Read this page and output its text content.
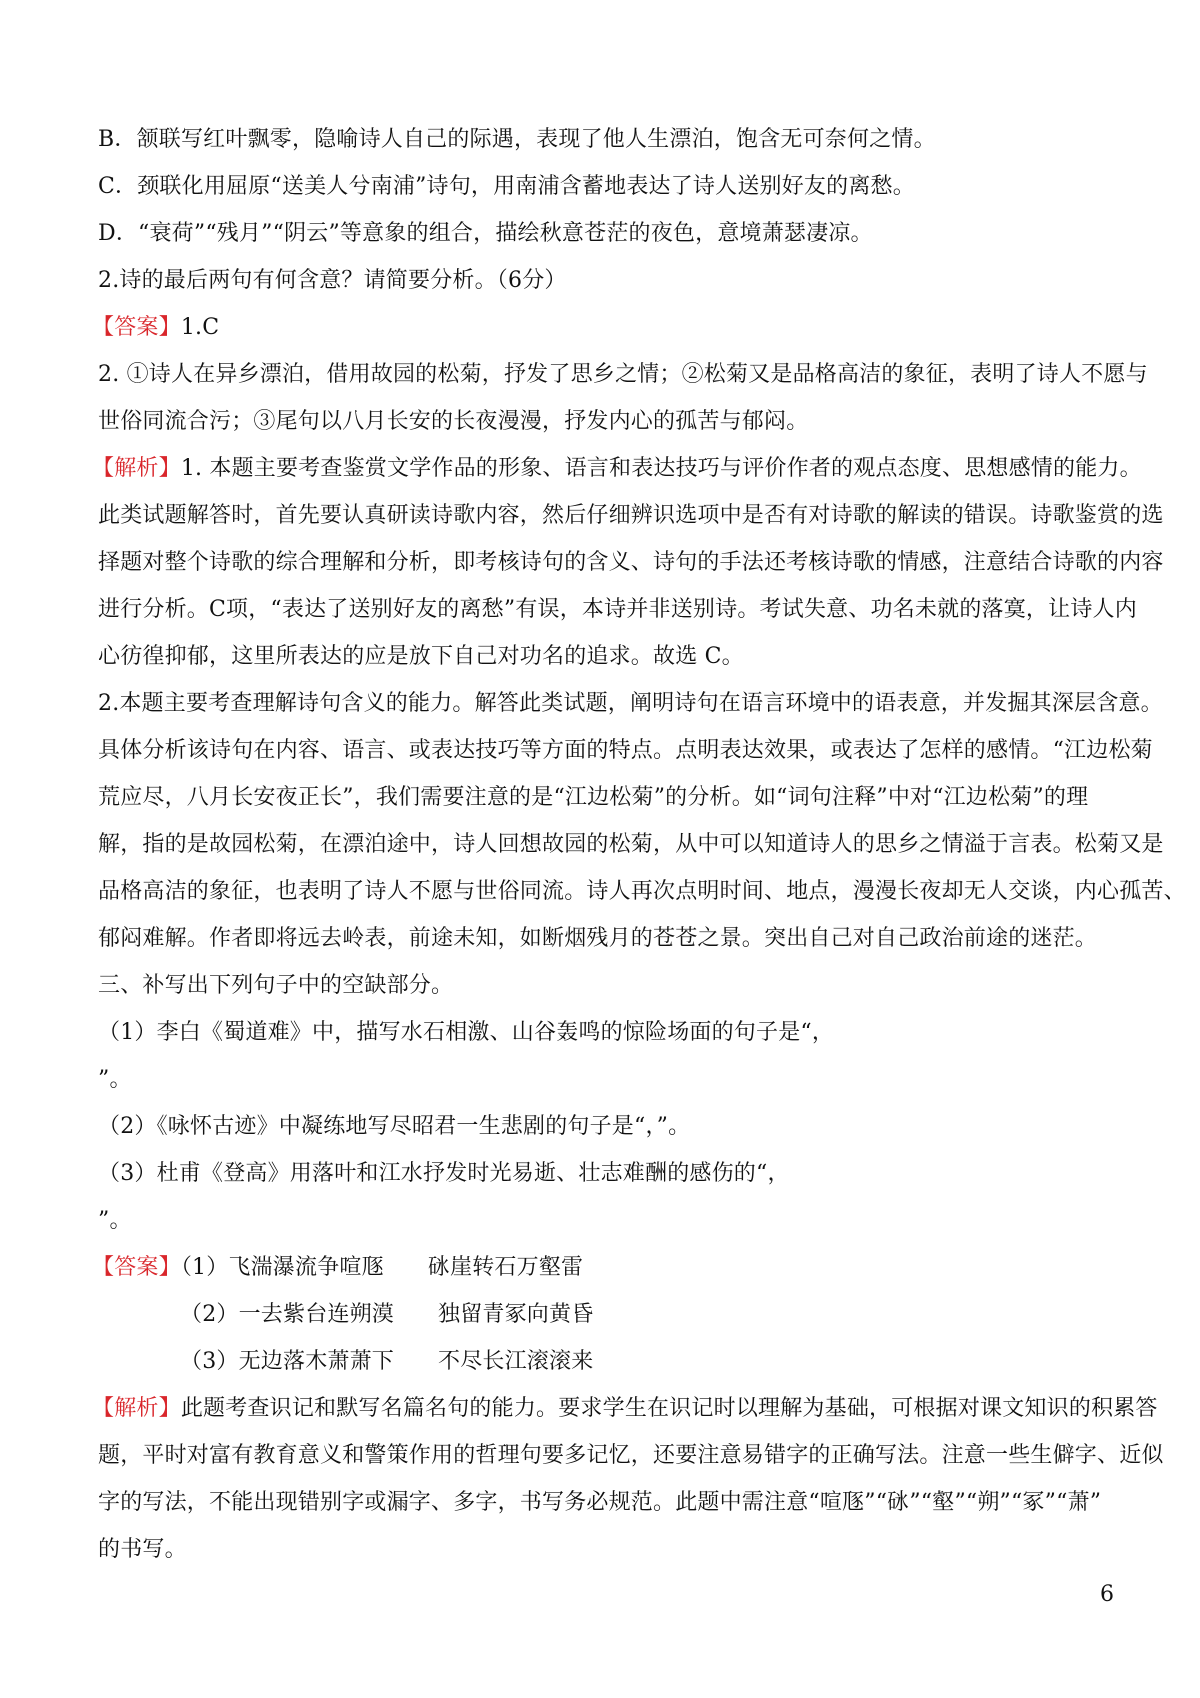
B．颔联写红叶飘零，隐喻诗人自己的际遇，表现了他人生漂泊，饱含无可奈何之情。
C．颈联化用屈原“送美人兮南浦”诗句，用南浦含蓄地表达了诗人送别好友的离愁。
D．“衰荷”“残月”“阴云”等意象的组合，描绘秋意苍茫的夜色，意境萧瑟凄凉。
2.诗的最后两句有何含意？请简要分析。（6分）
【答案】1.C
2. ①诗人在异乡漂泊，借用故园的松菊，抒发了思乡之情；②松菊又是品格高洁的象征，表明了诗人不愿与
世俗同流合污；③尾句以八月长安的长夜漫漫，抒发内心的孤苦与郁闷。
【解析】1. 本题主要考查鉴赏文学作品的形象、语言和表达技巧与评价作者的观点态度、思想感情的能力。
此类试题解答时，首先要认真研读诗歌内容，然后仔细辨识选项中是否有对诗歌的解读的错误。诗歌鉴赏的选
择题对整个诗歌的综合理解和分析，即考核诗句的含义、诗句的手法还考核诗歌的情感，注意结合诗歌的内容
进行分析。C项，“表达了送别好友的离愁”有误，本诗并非送别诗。考试失意、功名未就的落寞，让诗人内
心彷徨抑郁，这里所表达的应是放下自己对功名的追求。故选 C。
2.本题主要考查理解诗句含义的能力。解答此类试题，阐明诗句在语言环境中的语表意，并发掘其深层含意。
具体分析该诗句在内容、语言、或表达技巧等方面的特点。点明表达效果，或表达了怎样的感情。“江边松菊
荒应尽，八月长安夜正长”，我们需要注意的是“江边松菊”的分析。如“词句注释”中对“江边松菊”的理
解，指的是故园松菊，在漂泊途中，诗人回想故园的松菊，从中可以知道诗人的思乡之情溢于言表。松菊又是
品格高洁的象征，也表明了诗人不愿与世俗同流。诗人再次点明时间、地点，漫漫长夜却无人交谈，内心孤苦、
郁闷难解。作者即将远去岭表，前途未知，如断烟残月的苍苍之景。突出自己对自己政治前途的迷茫。
三、补写出下列句子中的空缺部分。
（1）李白《蜀道难》中，描写水石相激、山谷轰鸣的惊险场面的句子是“，
”。
（2）《咏怀古迹》中凝练地写尽昭君一生悲剧的句子是“，”。
（3）杜甫《登高》用落叶和江水抒发时光易逝、壮志难酬的感伤的“，
”。
【答案】（1）飞湍瀑流争喧豗 砯崖转石万壑雷
（2）一去紫台连朔漠 独留青冢向黄昏
（3）无边落木萧萧下 不尽长江滚滚来
【解析】此题考查识记和默写名篇名句的能力。要求学生在识记时以理解为基础，可根据对课文知识的积累答
题，平时对富有教育意义和警策作用的哲理句要多记忆，还要注意易错字的正确写法。注意一些生僻字、近似
字的写法，不能出现错别字或漏字、多字，书写务必规范。此题中需注意“喧豗”“砯”“壑”“朔”“冢”“萧”
的书写。
6
